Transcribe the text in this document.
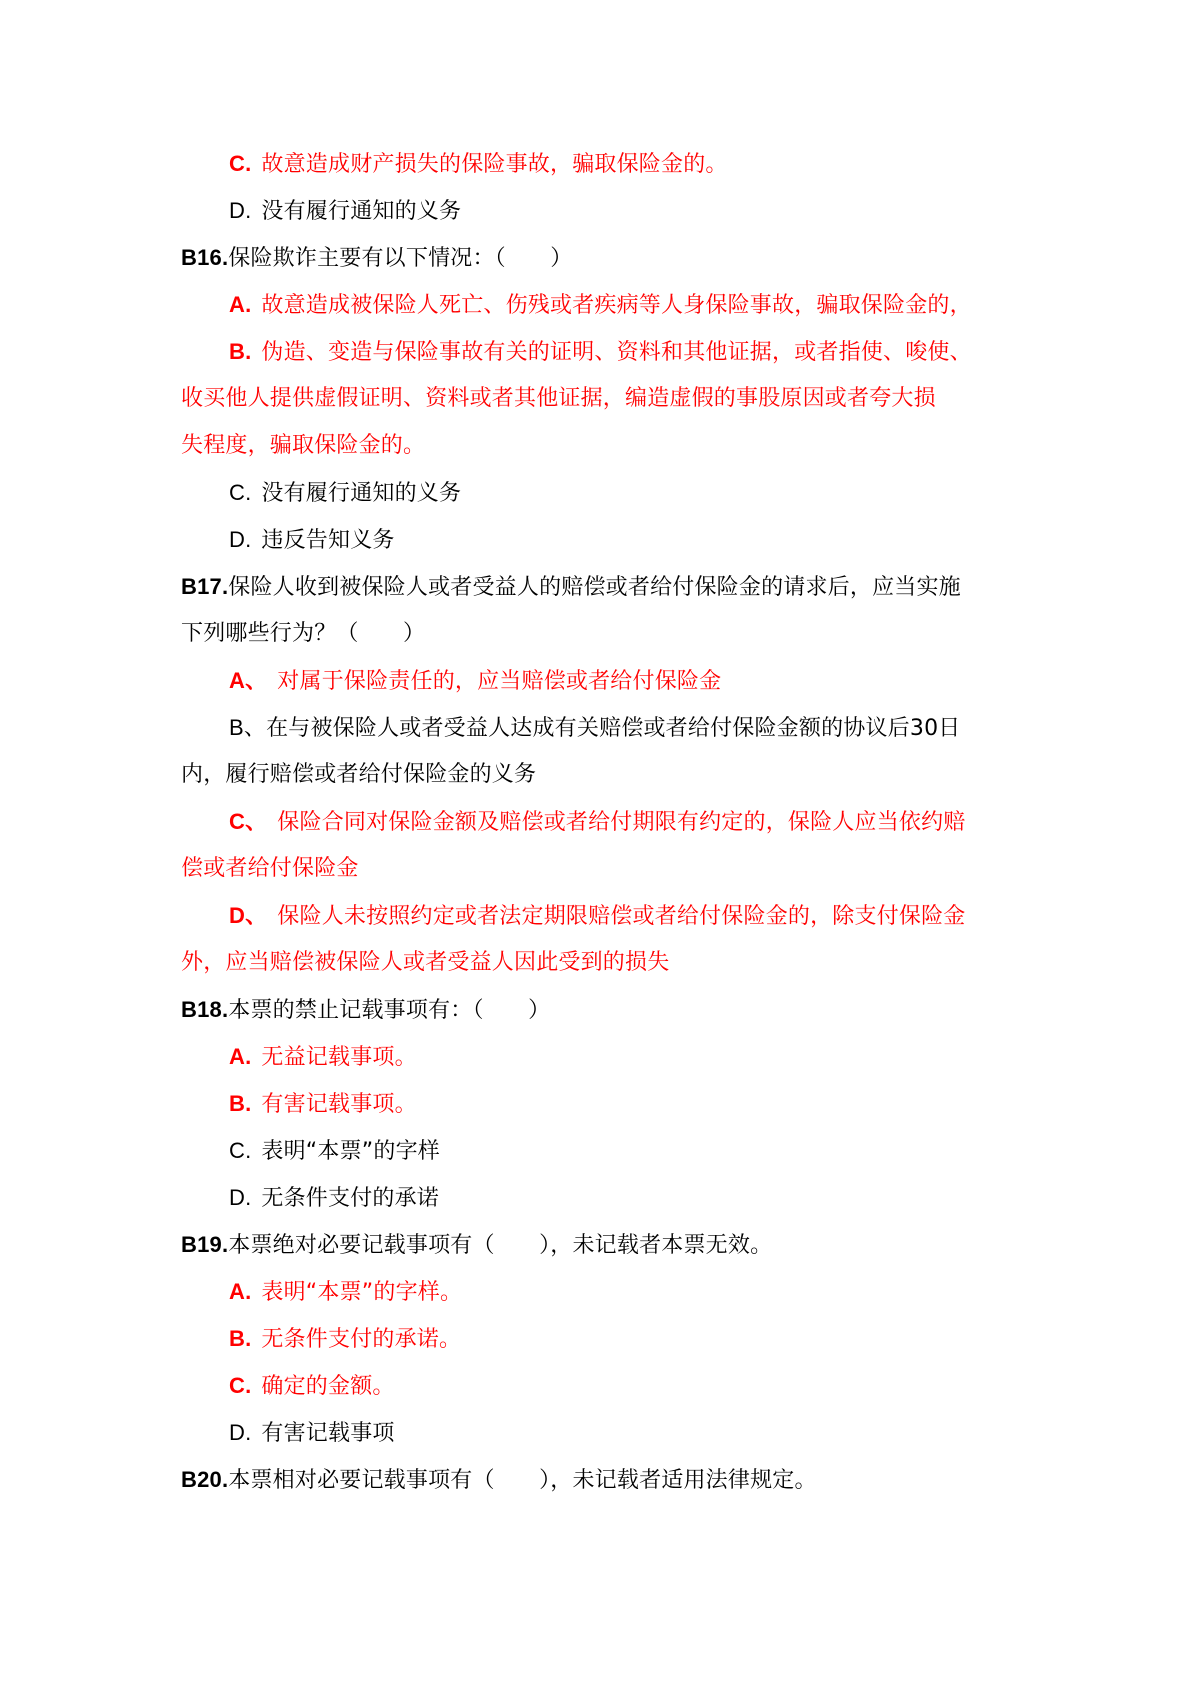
C. 故意造成财产损失的保险事故，骗取保险金的。
D. 没有履行通知的义务
B16.保险欺诈主要有以下情况：（　　）
A. 故意造成被保险人死亡、伤残或者疾病等人身保险事故，骗取保险金的，
B. 伪造、变造与保险事故有关的证明、资料和其他证据，或者指使、唆使、
收买他人提供虚假证明、资料或者其他证据，编造虚假的事股原因或者夸大损
失程度，骗取保险金的。
C. 没有履行通知的义务
D. 违反告知义务
B17.保险人收到被保险人或者受益人的赔偿或者给付保险金的请求后，应当实施
下列哪些行为？（　　）
A、 对属于保险责任的，应当赔偿或者给付保险金
B、在与被保险人或者受益人达成有关赔偿或者给付保险金额的协议后30日
内，履行赔偿或者给付保险金的义务
C、 保险合同对保险金额及赔偿或者给付期限有约定的，保险人应当依约赔
偿或者给付保险金
D、 保险人未按照约定或者法定期限赔偿或者给付保险金的，除支付保险金
外，应当赔偿被保险人或者受益人因此受到的损失
B18.本票的禁止记载事项有：（　　）
A. 无益记载事项。
B. 有害记载事项。
C. 表明“本票”的字样
D. 无条件支付的承诺
B19.本票绝对必要记载事项有（　　），未记载者本票无效。
A. 表明“本票”的字样。
B. 无条件支付的承诺。
C. 确定的金额。
D. 有害记载事项
B20.本票相对必要记载事项有（　　），未记载者适用法律规定。
